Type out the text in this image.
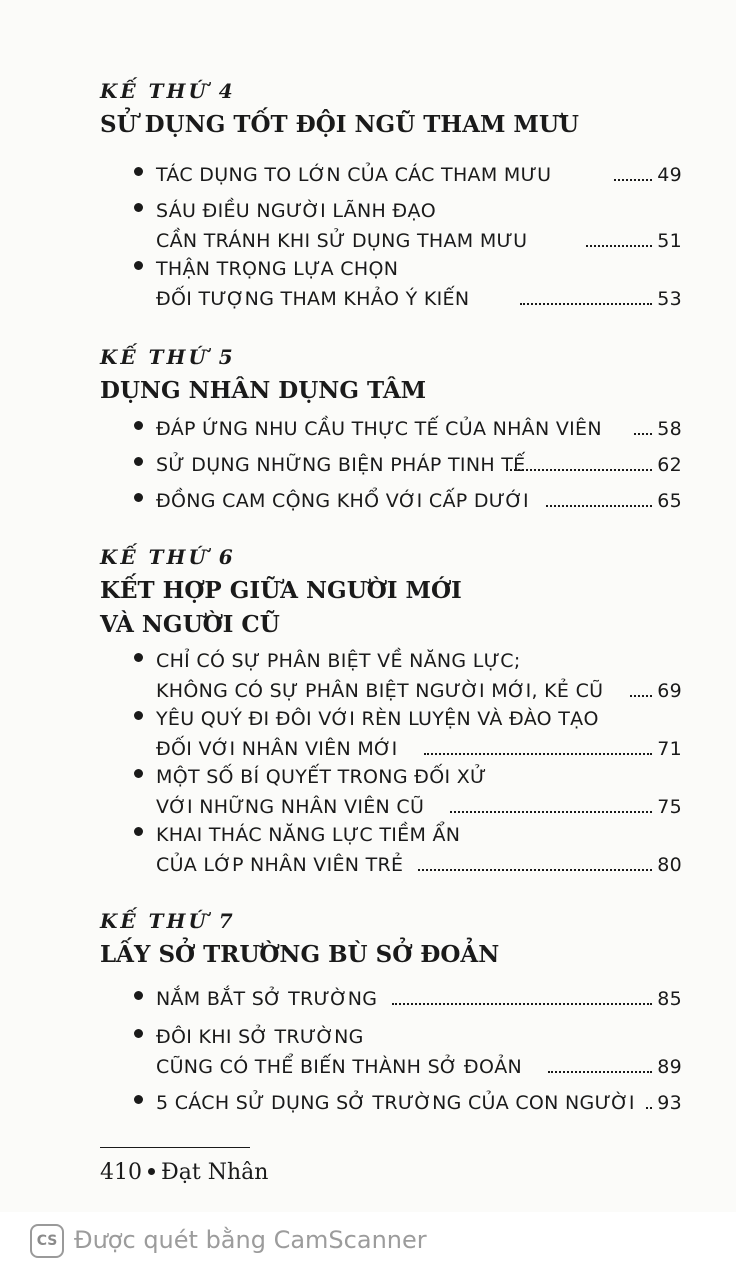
KẾ THỨ 4

SỬ DỤNG TỐT ĐỘI NGŨ THAM MƯU

TÁC DỤNG TO LỚN CỦA CÁC THAM MƯU	49
SÁU ĐIỀU NGƯỜI LÃNH ĐẠO
CẦN TRÁNH KHI SỬ DỤNG THAM MƯU	51
THẬN TRỌNG LỰA CHỌN
ĐỐI TƯỢNG THAM KHẢO Ý KIẾN	53

KẾ THỨ 5

DỤNG NHÂN DỤNG TÂM

ĐÁP ỨNG NHU CẦU THỰC TẾ CỦA NHÂN VIÊN	58
SỬ DỤNG NHỮNG BIỆN PHÁP TINH TẾ	62
ĐỒNG CAM CỘNG KHỔ VỚI CẤP DƯỚI	65

KẾ THỨ 6

KẾT HỢP GIỮA NGƯỜI MỚI

VÀ NGƯỜI CŨ

CHỈ CÓ SỰ PHÂN BIỆT VỀ NĂNG LỰC;
KHÔNG CÓ SỰ PHÂN BIỆT NGƯỜI MỚI, KẺ CŨ	69
YÊU QUÝ ĐI ĐÔI VỚI RÈN LUYỆN VÀ ĐÀO TẠO
ĐỐI VỚI NHÂN VIÊN MỚI	71
MỘT SỐ BÍ QUYẾT TRONG ĐỐI XỬ
VỚI NHỮNG NHÂN VIÊN CŨ	75
KHAI THÁC NĂNG LỰC TIỀM ẨN
CỦA LỚP NHÂN VIÊN TRẺ	80

KẾ THỨ 7

LẤY SỞ TRƯỜNG BÙ SỞ ĐOẢN

NẮM BẮT SỞ TRƯỜNG	85
ĐÔI KHI SỞ TRƯỜNG
CŨNG CÓ THỂ BIẾN THÀNH SỞ ĐOẢN	89
5 CÁCH SỬ DỤNG SỞ TRƯỜNG CỦA CON NGƯỜI 93
410 Đạt Nhân
CS Được quét bằng CamScanner
